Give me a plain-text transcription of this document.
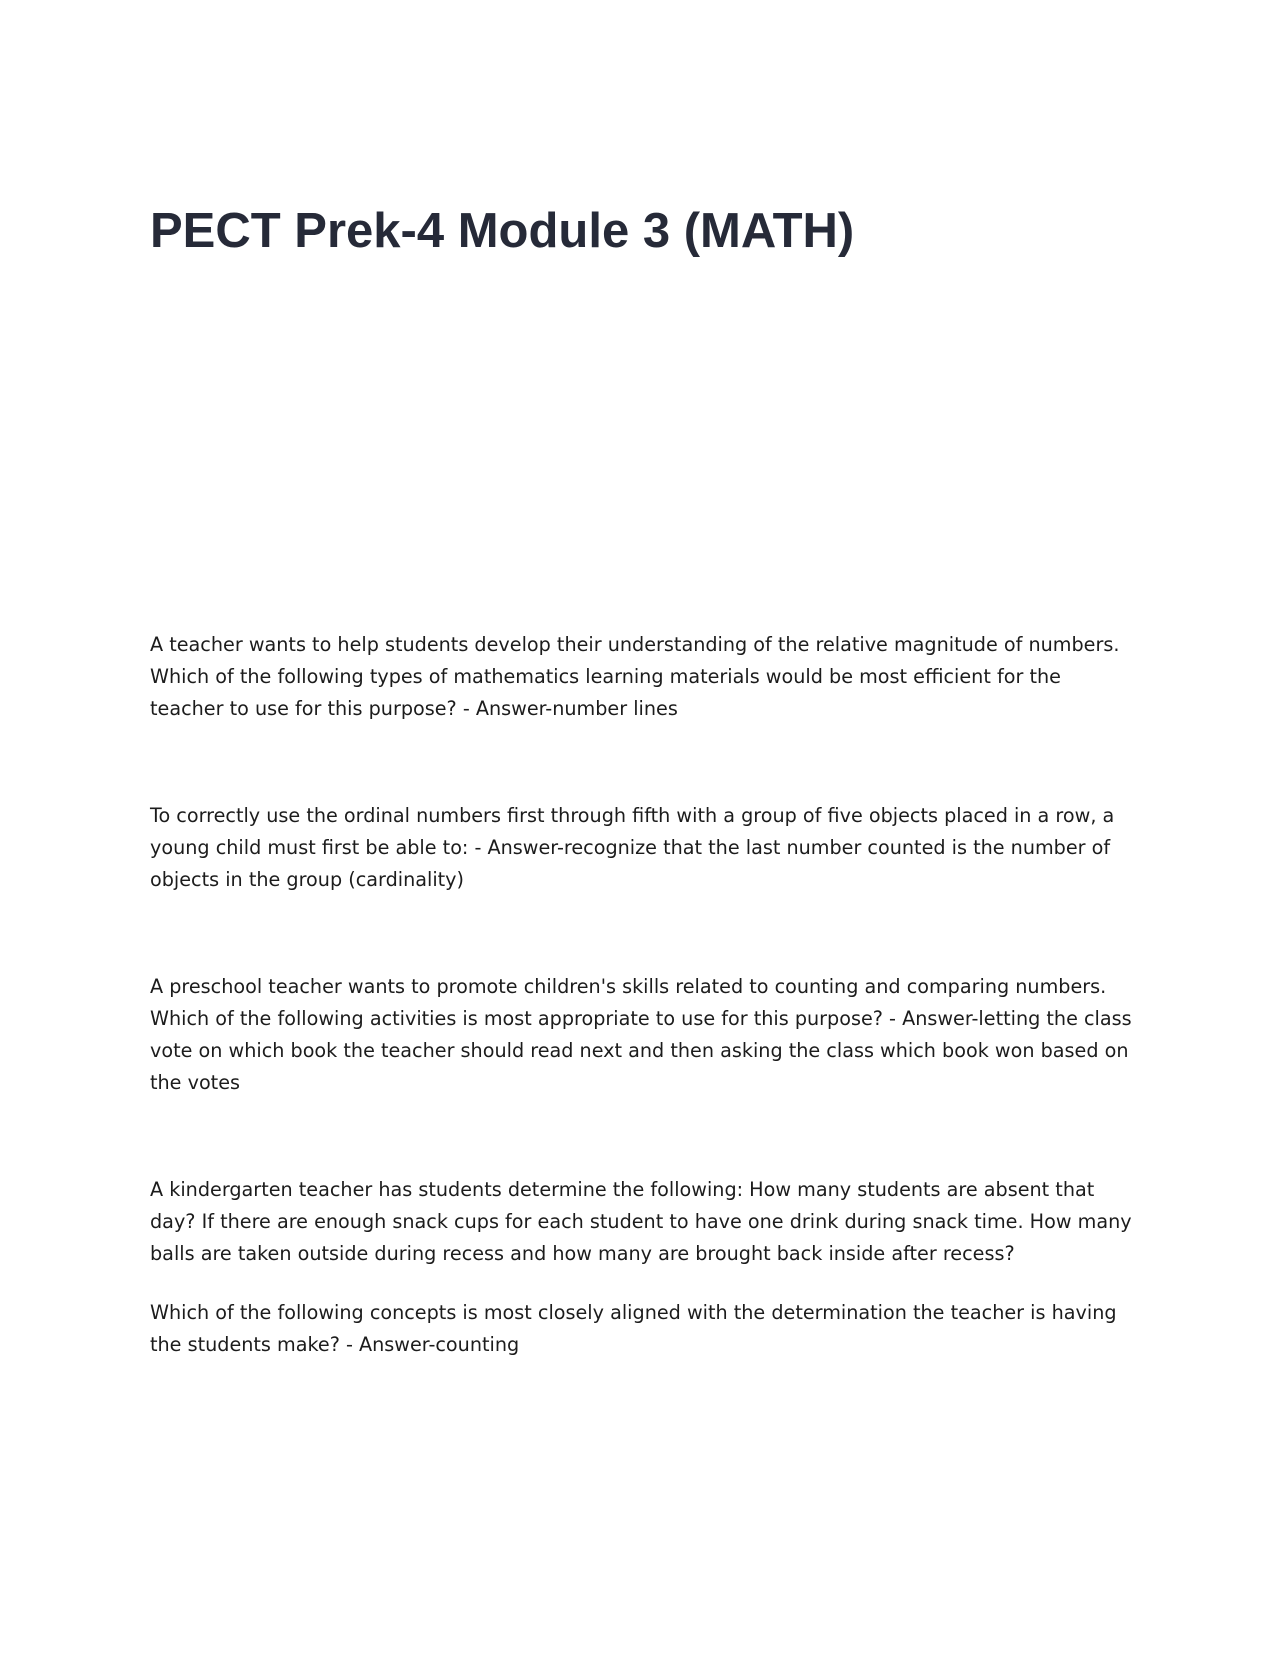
PECT Prek-4 Module 3 (MATH)

A teacher wants to help students develop their understanding of the relative magnitude of numbers. Which of the following types of mathematics learning materials would be most efficient for the teacher to use for this purpose? - Answer-number lines

To correctly use the ordinal numbers first through fifth with a group of five objects placed in a row, a young child must first be able to: - Answer-recognize that the last number counted is the number of objects in the group (cardinality)

A preschool teacher wants to promote children's skills related to counting and comparing numbers. Which of the following activities is most appropriate to use for this purpose? - Answer-letting the class vote on which book the teacher should read next and then asking the class which book won based on the votes

A kindergarten teacher has students determine the following: How many students are absent that day? If there are enough snack cups for each student to have one drink during snack time. How many balls are taken outside during recess and how many are brought back inside after recess?

Which of the following concepts is most closely aligned with the determination the teacher is having the students make? - Answer-counting
